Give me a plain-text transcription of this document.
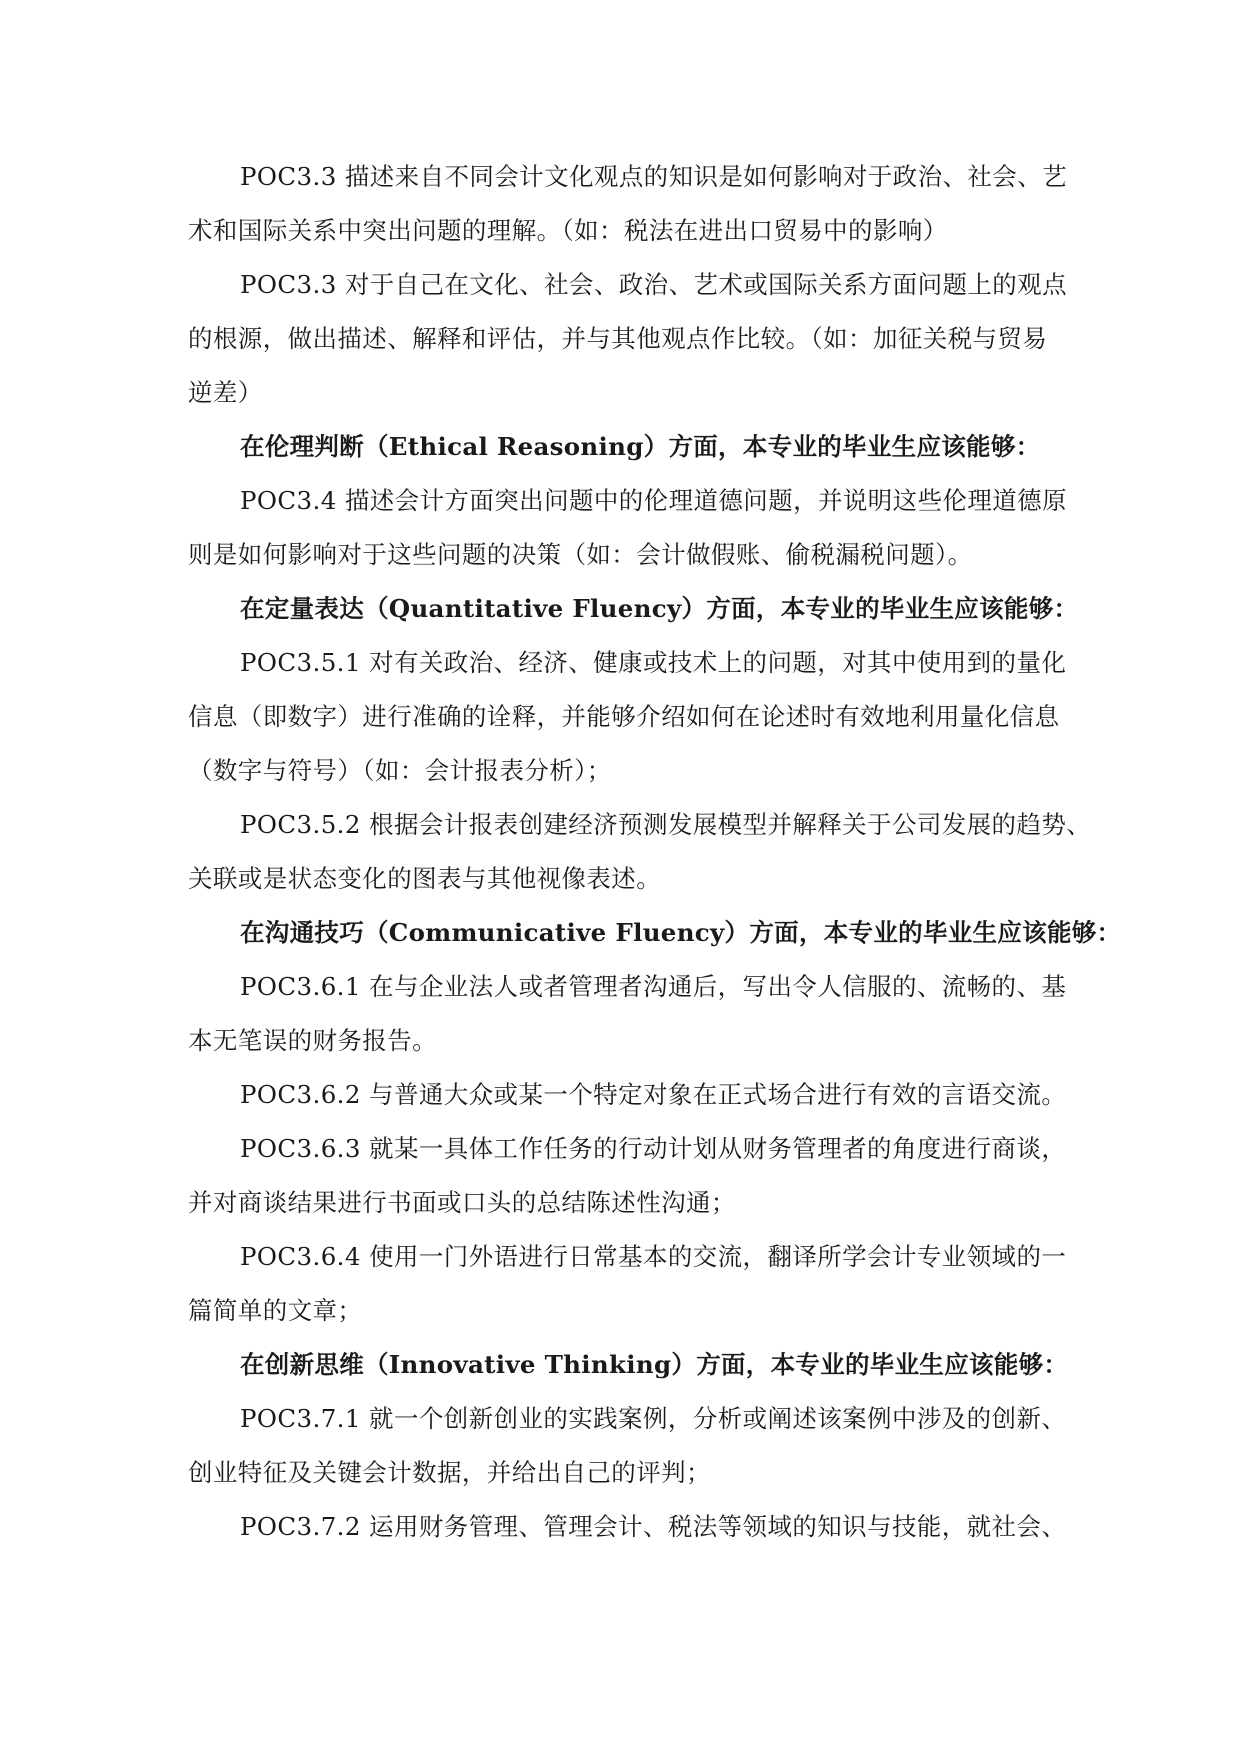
POC3.3 描述来自不同会计文化观点的知识是如何影响对于政治、社会、艺
术和国际关系中突出问题的理解。（如：税法在进出口贸易中的影响）

POC3.3 对于自己在文化、社会、政治、艺术或国际关系方面问题上的观点
的根源，做出描述、解释和评估，并与其他观点作比较。（如：加征关税与贸易
逆差）

在伦理判断（Ethical Reasoning）方面，本专业的毕业生应该能够：

POC3.4 描述会计方面突出问题中的伦理道德问题，并说明这些伦理道德原
则是如何影响对于这些问题的决策（如：会计做假账、偷税漏税问题）。

在定量表达（Quantitative Fluency）方面，本专业的毕业生应该能够：

POC3.5.1 对有关政治、经济、健康或技术上的问题，对其中使用到的量化
信息（即数字）进行准确的诠释，并能够介绍如何在论述时有效地利用量化信息
（数字与符号）（如：会计报表分析）；

POC3.5.2 根据会计报表创建经济预测发展模型并解释关于公司发展的趋势、
关联或是状态变化的图表与其他视像表述。

在沟通技巧（Communicative Fluency）方面，本专业的毕业生应该能够：

POC3.6.1 在与企业法人或者管理者沟通后，写出令人信服的、流畅的、基
本无笔误的财务报告。

POC3.6.2 与普通大众或某一个特定对象在正式场合进行有效的言语交流。

POC3.6.3 就某一具体工作任务的行动计划从财务管理者的角度进行商谈，
并对商谈结果进行书面或口头的总结陈述性沟通；

POC3.6.4 使用一门外语进行日常基本的交流，翻译所学会计专业领域的一
篇简单的文章；

在创新思维（Innovative Thinking）方面，本专业的毕业生应该能够：

POC3.7.1 就一个创新创业的实践案例，分析或阐述该案例中涉及的创新、
创业特征及关键会计数据，并给出自己的评判；

POC3.7.2 运用财务管理、管理会计、税法等领域的知识与技能，就社会、
